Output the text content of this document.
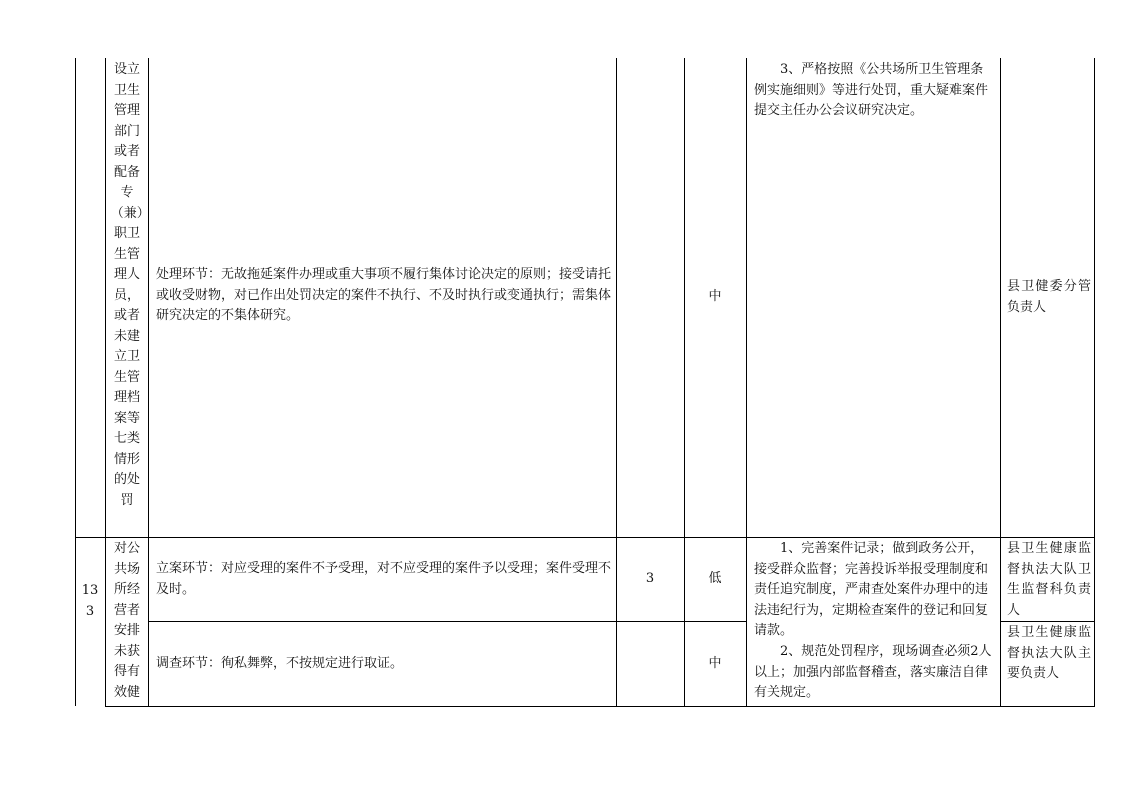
设立卫生管理部门或者配备专（兼）职卫生管理人员，或者未建立卫生管理档案等七类情形的处罚
处理环节：无故拖延案件办理或重大事项不履行集体讨论决定的原则；接受请托或收受财物，对已作出处罚决定的案件不执行、不及时执行或变通执行；需集体研究决定的不集体研究。
中
3、严格按照《公共场所卫生管理条例实施细则》等进行处罚，重大疑难案件提交主任办公会议研究决定。
县卫健委分管负责人
133
对公共场所经营者安排未获得有效健
立案环节：对应受理的案件不予受理，对不应受理的案件予以受理；案件受理不及时。
3	低
调查环节：徇私舞弊，不按规定进行取证。	中
1、完善案件记录；做到政务公开，接受群众监督；完善投诉举报受理制度和责任追究制度，严肃查处案件办理中的违法违纪行为，定期检查案件的登记和回复请款。
2、规范处罚程序，现场调查必须2人以上；加强内部监督稽查，落实廉洁自律有关规定。
县卫生健康监督执法大队卫生监督科负责人
县卫生健康监督执法大队主要负责人
